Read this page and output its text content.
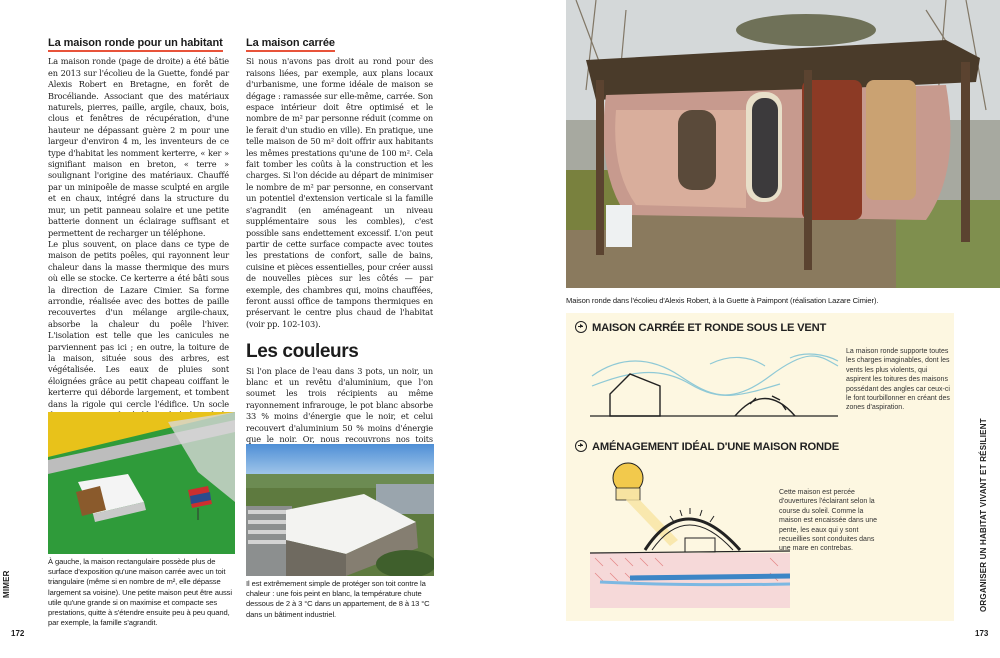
La maison ronde pour un habitant

La maison ronde (page de droite) a été bâtie en 2013 sur l'écolieu de la Guette, fondé par Alexis Robert en Bretagne, en forêt de Brocéliande. Associant que des matériaux naturels, pierres, paille, argile, chaux, bois, clous et fenêtres de récupération, d'une hauteur ne dépassant guère 2 m pour une largeur d'environ 4 m, les inventeurs de ce type d'habitat les nomment kerterre, « ker » signifiant maison en breton, « terre » soulignant l'origine des matériaux. Chauffé par un minipoêle de masse sculpté en argile et en chaux, intégré dans la structure du mur, un petit panneau solaire et une petite batterie donnent un éclairage suffisant et permettent de recharger un téléphone.

Le plus souvent, on place dans ce type de maison de petits poêles, qui rayonnent leur chaleur dans la masse thermique des murs où elle se stocke. Ce kerterre a été bâti sous la direction de Lazare Cimier. Sa forme arrondie, réalisée avec des bottes de paille recouvertes d'un mélange argile-chaux, absorbe la chaleur du poêle l'hiver. L'isolation est telle que les canicules ne parviennent pas ici ; en outre, la toiture de la maison, située sous des arbres, est végétalisée. Les eaux de pluies sont éloignées grâce au petit chapeau coiffant le kerterre qui déborde largement, et tombent dans la rigole qui cercle l'édifice. Un socle

La maison carrée

Si nous n'avons pas droit au rond pour des raisons liées, par exemple, aux plans locaux d'urbanisme, une forme idéale de maison se dégage : ramassée sur elle-même, carrée. Son espace intérieur doit être optimisé et le nombre de m² par personne réduit (comme on le ferait d'un studio en ville). En pratique, une telle maison de 50 m² doit offrir aux habitants les mêmes prestations qu'une de 100 m². Cela fait tomber les coûts à la construction et les charges. Si l'on décide au départ de minimiser le nombre de m² par personne, en conservant un potentiel d'extension verticale si la famille s'agrandit (en aménageant un niveau supplémentaire sous les combles), c'est possible sans endettement excessif. L'on peut partir de cette surface compacte avec toutes les prestations de confort, salle de bains, cuisine et pièces essentielles, pour créer aussi de nouvelles pièces sur les côtés — par exemple, des chambres qui, moins chauffées, feront aussi office de tampons thermiques en préservant le centre plus chaud de l'habitat (voir pp. 102-103).

Les couleurs

Si l'on place de l'eau dans 3 pots, un noir, un blanc et un revêtu d'aluminium, que l'on soumet les trois récipients au même rayonnement infrarouge, le pot blanc absorbe 33 % moins d'énergie que le noir, et celui recouvert d'aluminium 50 % moins d'énergie que le noir. Or, nous recouvrons nos toits

À gauche, la maison rectangulaire possède plus de surface d'exposition qu'une maison carrée avec un toit triangulaire (même si en nombre de m², elle dépasse largement sa voisine). Une petite maison peut être aussi utile qu'une grande si on maximise et compacte ses prestations, quitte à s'étendre ensuite peu à peu quand, par exemple, la famille s'agrandit.
Il est extrêmement simple de protéger son toit contre la chaleur : une fois peint en blanc, la température chute dessous de 2 à 3 °C dans un appartement, de 8 à 13 °C dans un bâtiment industriel.
MIMER
172
Maison ronde dans l'écolieu d'Alexis Robert, à la Guette à Paimpont (réalisation Lazare Cimier).
MAISON CARRÉE ET RONDE SOUS LE VENT
La maison ronde supporte toutes les charges imaginables, dont les vents les plus violents, qui aspirent les toitures des maisons possédant des angles car ceux-ci le font tourbillonner en créant des zones d'aspiration.
AMÉNAGEMENT IDÉAL D'UNE MAISON RONDE
Cette maison est percée d'ouvertures l'éclairant selon la course du soleil. Comme la maison est encaissée dans une pente, les eaux qui y sont recueillies sont conduites dans une mare en contrebas.	ORGANISER UN HABITAT VIVANT ET RÉSILIENT
173
